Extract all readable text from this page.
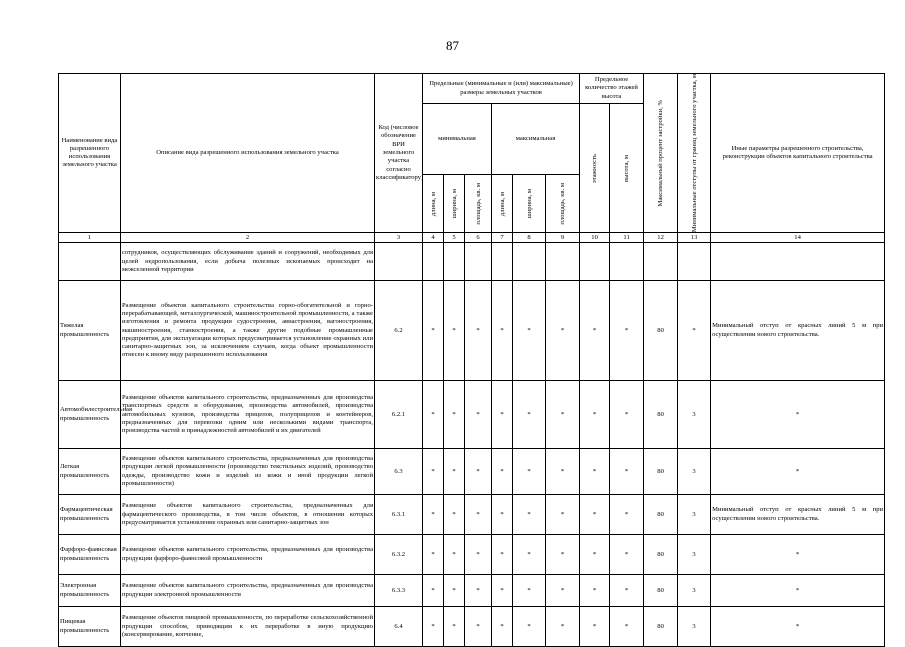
87
Наименование вида разрешенного использования земельного участка	Описание вида разрешенного использования земельного участка	Код (числовое обозначение ВРИ земельного участка согласно классификатору)	Предельные (минимальные и (или) максимальные) размеры земельных участков						Предельное количество этажей высота		Максимальный процент застройки, %	Минимальные отступы от границ земельного участка, м	Иные параметры разрешенного строительства, реконструкции объектов капитального строительства
			минимальная			максимальная			этажность	высота, м			

			длина, м	ширина, м	площадь, кв. м	длина, м	ширина, м	площадь, кв. м					

1	2	3	4	5	6	7	8	9	10	11	12	13	14
	сотрудников, осуществляющих обслуживание зданий и сооружений, необходимых для целей недропользования, если добыча полезных ископаемых происходит на межселенной территории												
Тяжелая промышленность	Размещение объектов капитального строительства горно-обогатительной и горно-перерабатывающей, металлургической, машиностроительной промышленности, а также изготовления и ремонта продукции судостроения, авиастроения, вагоностроения, машиностроения, станкостроения, а также другие подобные промышленные предприятия, для эксплуатации которых предусматривается установление охранных или санитарно-защитных зон, за исключением случаев, когда объект промышленности отнесен к иному виду разрешенного использования	6.2	*	*	*	*	*	*	*	*	80	*	Минимальный отступ от красных линий 5 м при осуществлении нового строительства.
Автомобилестроительная промышленность	Размещение объектов капитального строительства, предназначенных для производства транспортных средств и оборудования, производства автомобилей, производства автомобильных кузовов, производства прицепов, полуприцепов и контейнеров, предназначенных для перевозки одним или несколькими видами транспорта, производства частей и принадлежностей автомобилей и их двигателей	6.2.1	*	*	*	*	*	*	*	*	80	3	*
Легкая промышленность	Размещение объектов капитального строительства, предназначенных для производства продукции легкой промышленности (производство текстильных изделий, производство одежды, производство кожи и изделий из кожи и иной продукции легкой промышленности)	6.3	*	*	*	*	*	*	*	*	80	3	*
Фармацевтическая промышленность	Размещение объектов капитального строительства, предназначенных для фармацевтического производства, в том числе объектов, в отношении которых предусматривается установление охранных или санитарно-защитных зон	6.3.1	*	*	*	*	*	*	*	*	80	3	Минимальный отступ от красных линий 5 м при осуществлении нового строительства.
Фарфоро-фаянсовая промышленность	Размещение объектов капитального строительства, предназначенных для производства продукции фарфоро-фаянсовой промышленности	6.3.2	*	*	*	*	*	*	*	*	80	3	*
Электронная промышленность	Размещение объектов капитального строительства, предназначенных для производства продукции электронной промышленности	6.3.3	*	*	*	*	*	*	*	*	80	3	*
Пищевая промышленность	Размещение объектов пищевой промышленности, по переработке сельскохозяйственной продукции способом, приводящим к их переработке в иную продукцию (консервирование, копчение,	6.4	*	*	*	*	*	*	*	*	80	3	*
